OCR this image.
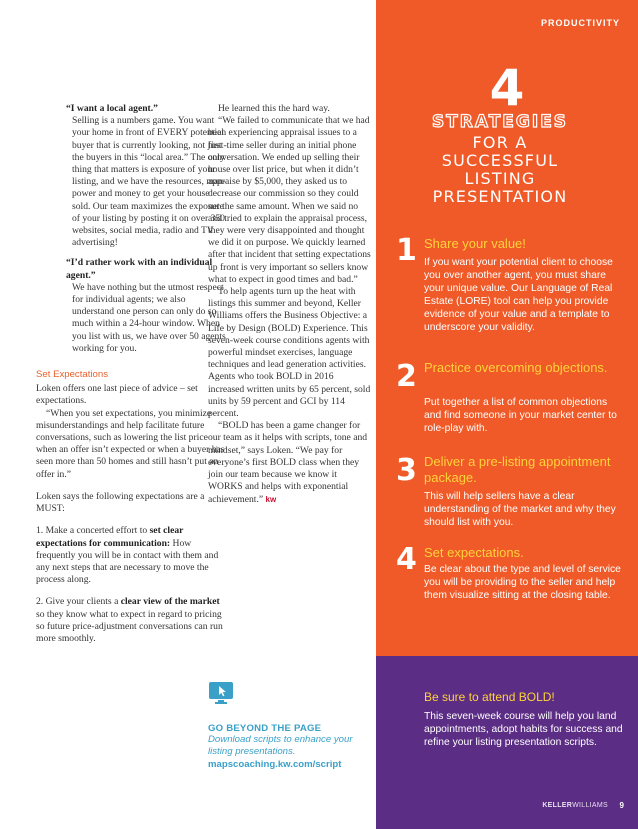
“I want a local agent.”

Selling is a numbers game. You want your home in front of EVERY potential buyer that is currently looking, not just the buyers in this “local area.” The only thing that matters is exposure of your listing, and we have the resources, man-power and money to get your house sold. Our team maximizes the exposure of your listing by posting it on over 350 websites, social media, radio and TV advertising!

“I’d rather work with an individual agent.”

We have nothing but the utmost respect for individual agents; we also understand one person can only do so much within a 24-hour window. When you list with us, we have over 50 agents working for you.

Set Expectations

Loken offers one last piece of advice – set expectations.

“When you set expectations, you minimize misunderstandings and help facilitate future conversations, such as lowering the list price when an offer isn’t expected or when a buyer has seen more than 50 homes and still hasn’t put an offer in.”

Loken says the following expectations are a MUST:

1. Make a concerted effort to set clear expectations for communication: How frequently you will be in contact with them and any next steps that are necessary to move the process along.

2. Give your clients a clear view of the market so they know what to expect in regard to pricing so future price-adjustment conversations can run more smoothly.

He learned this the hard way.

“We failed to communicate that we had been experiencing appraisal issues to a first-time seller during an initial phone conversation. We ended up selling their house over list price, but when it didn’t appraise by $5,000, they asked us to decrease our commission so they could net the same amount. When we said no and tried to explain the appraisal process, they were very disappointed and thought we did it on purpose. We quickly learned after that incident that setting expectations up front is very important so sellers know what to expect in good times and bad.”

To help agents turn up the heat with listings this summer and beyond, Keller Williams offers the Business Objective: a Life by Design (BOLD) Experience. This seven-week course conditions agents with powerful mindset exercises, language techniques and lead generation activities. Agents who took BOLD in 2016 increased written units by 65 percent, sold units by 59 percent and GCI by 114 percent.

“BOLD has been a game changer for our team as it helps with scripts, tone and mindset,” says Loken. “We pay for everyone’s first BOLD class when they join our team because we know it WORKS and helps with exponential achievement.” kw

GO BEYOND THE PAGE
Download scripts to enhance your listing presentations.
mapscoaching.kw.com/script
PRODUCTIVITY
4
STRATEGIES
FOR A
SUCCESSFUL
LISTING
PRESENTATION
1 Share your value!
If you want your potential client to choose you over another agent, you must share your unique value. Our Language of Real Estate (LORE) tool can help you provide evidence of your value and a template to underscore your validity.
2 Practice overcoming objections.
Put together a list of common objections and find someone in your market center to role-play with.
3 Deliver a pre-listing appointment package.
This will help sellers have a clear understanding of the market and why they should list with you.
4 Set expectations.
Be clear about the type and level of service you will be providing to the seller and help them visualize sitting at the closing table.
Be sure to attend BOLD!
This seven-week course will help you land appointments, adopt habits for success and refine your listing presentation scripts.
KELLERWILLIAMS 9
